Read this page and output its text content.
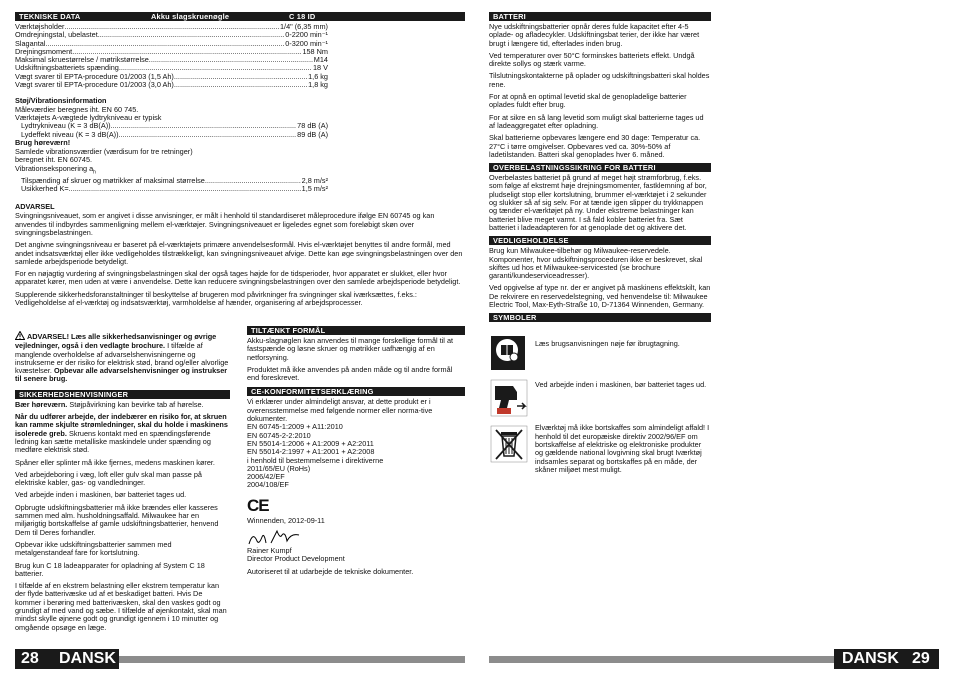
TEKNISKE DATA	Akku slagskruenøgle	C 18 ID
Værktøjsholder .....	1/4" (6,35 mm)
Omdrejningstal, ubelastet .....	0-2200 min⁻¹
Slagantal .....	0-3200 min⁻¹
Drejningsmoment .....	158 Nm
Maksimal skruestørrelse / møtrikstørrelse .....	M14
Udskiftningsbatteriets spænding .....	18 V
Vægt svarer til EPTA-procedure 01/2003 (1,5 Ah) .....	1,6 kg
Vægt svarer til EPTA-procedure 01/2003 (3,0 Ah) .....	1,8 kg
Støj/Vibrationsinformation
Måleværdier beregnes iht. EN 60 745.
Værktøjets A-vægtede lydtrykniveau er typisk
Lydtrykniveau (K = 3 dB(A)) .....	78 dB (A)
Lydeffekt niveau (K = 3 dB(A)) .....	89 dB (A)
Brug høreværn!
Samlede vibrationsværdier (værdisum for tre retninger)
beregnet iht. EN 60745.
Vibrationseksponering $a_h$
Tilspænding af skruer og møtrikker af maksimal størrelse .....	2,8 m/s²
Usikkerhed K= .....	1,5 m/s²
ADVARSEL
Svingningsniveauet, som er angivet i disse anvisninger, er målt i henhold til standardiseret måleprocedure ifølge EN 60745 og kan anvendes til indbyrdes sammenligning mellem el-værktøjer. Svingningsniveauet er ligeledes egnet som foreløbigt skøn over svingningsbelastningen.
Det angivne svingningsniveau er baseret på el-værktøjets primære anvendelsesformål. Hvis el-værktøjet benyttes til andre formål, med andet indsatsværktøj eller ikke vedligeholdes tilstrækkeligt, kan svingningsniveauet afvige. Dette kan øge svingningsbelastningen over den samlede arbejdsperiode betydeligt.
For en nøjagtig vurdering af svingningsbelastningen skal der også tages højde for de tidsperioder, hvor apparatet er slukket, eller hvor apparatet kører, men uden at være i anvendelse. Dette kan reducere svingningsbelastningen over den samlede arbejdsperiode betydeligt.
Supplerende sikkerhedsforanstaltninger til beskyttelse af brugeren mod påvirkninger fra svingninger skal iværksættes, f.eks.: Vedligeholdelse af el-værktøj og indsatsværktøj, varmholdelse af hænder, organisering af arbejdsprocesser.
ADVARSEL! Læs alle sikkerhedsanvisninger og øvrige vejledninger, også i den vedlagte brochure. I tilfælde af manglende overholdelse af advarselshenvisningerne og instrukserne er der risiko for elektrisk stød, brand og/eller alvorlige kvæstelser. Opbevar alle advarselshenvisninger og instrukser til senere brug.
SIKKERHEDSHENVISNINGER
Bær høreværn. Støjpåvirkning kan bevirke tab af hørelse.
Når du udfører arbejde, der indebærer en risiko for, at skruen kan ramme skjulte strømledninger, skal du holde i maskinens isolerede greb. Skruens kontakt med en spændingsførende ledning kan sætte metalliske maskindele under spænding og medføre elektrisk stød.
Spåner eller splinter må ikke fjernes, medens maskinen kører.
Ved arbejdeboring i væg, loft eller gulv skal man passe på elektriske kabler, gas- og vandledninger.
Ved arbejde inden i maskinen, bør batteriet tages ud.
Opbrugte udskiftningsbatterier må ikke brændes eller kasseres sammen med alm. husholdningsaffald. Milwaukee har en miljørigtig bortskaffelse af gamle udskiftningsbatterier, henvend Dem til Deres forhandler.
Opbevar ikke udskiftningsbatterier sammen med metalgenstandeaf fare for kortslutning.
Brug kun C 18 ladeapparater for opladning af System C 18 batterier.
I tilfælde af en ekstrem belastning eller ekstrem temperatur kan der flyde batterivæske ud af et beskadiget batteri. Hvis De kommer i berøring med batterivæsken, skal den vaskes godt og grundigt af med vand og sæbe. I tilfælde af øjenkontakt, skal man mindst skylle øjnene godt og grundigt igennem i 10 minutter og omgående opsøge en læge.
TILTÆNKT FORMÅL
Akku-slagnøglen kan anvendes til mange forskellige formål til at fastspænde og løsne skruer og møtrikker uafhængig af en netforsyning.
Produktet må ikke anvendes på anden måde og til andre formål end foreskrevet.
CE-KONFORMITETSERKLÆRING
Vi erklærer under almindeligt ansvar, at dette produkt er i overensstemmelse med følgende normer eller norma-tive dokumenter.
EN 60745-1:2009 + A11:2010
EN 60745-2-2:2010
EN 55014-1:2006 + A1:2009 + A2:2011
EN 55014-2:1997 + A1:2001 + A2:2008
i henhold til bestemmelserne i direktiverne
2011/65/EU (RoHs)
2006/42/EF
2004/108/EF
CE
Winnenden, 2012-09-11
Rainer Kumpf
Director Product Development
Autoriseret til at udarbejde de tekniske dokumenter.
28 DANSK
BATTERI
Nye udskiftningsbatterier opnår deres fulde kapacitet efter 4-5 oplade- og afladecykler. Udskiftningsbat terier, der ikke har været brugt i længere tid, efterlades inden brug.
Ved temperaturer over 50°C forminskes batteriets effekt. Undgå direkte sollys og stærk varme.
Tilslutningskontakterne på oplader og udskiftningsbatteri skal holdes rene.
For at opnå en optimal levetid skal de genopladelige batterier oplades fuldt efter brug.
For at sikre en så lang levetid som muligt skal batterierne tages ud af ladeaggregatet efter opladning.
Skal batterierne opbevares længere end 30 dage: Temperatur ca. 27°C i tørre omgivelser. Opbevares ved ca. 30%-50% af ladetilstanden. Batteri skal genoplades hver 6. måned.
OVERBELASTNINGSSIKRING FOR BATTERI
Overbelastes batteriet på grund af meget højt strømforbrug, f.eks. som følge af ekstremt høje drejningsmomenter, fastklemning af bor, pludseligt stop eller kortslutning, brummer el-værktøjet i 2 sekunder og slukker så af sig selv. For at tænde igen slipper du trykknappen og tænder el-værktøjet på ny. Under ekstreme belastninger kan batteriet blive meget varmt. I så fald kobler batteriet fra. Sæt batteriet i ladeadapteren for at genoplade det og aktivere det.
VEDLIGEHOLDELSE
Brug kun Milwaukee-tilbehør og Milwaukee-reservedele. Komponenter, hvor udskiftningsproceduren ikke er beskrevet, skal skiftes ud hos et Milwaukee-servicested (se brochure garanti/kundeserviceadresser).
Ved opgivelse af type nr. der er angivet på maskinens effektskilt, kan De rekvirere en reservedelstegning, ved henvendelse til: Milwaukee Electric Tool, Max-Eyth-Straße 10, D-71364 Winnenden, Germany.
SYMBOLER
Læs brugsanvisningen nøje før ibrugtagning.
Ved arbejde inden i maskinen, bør batteriet tages ud.
Elværktøj må ikke bortskaffes som almindeligt affald! I henhold til det europæiske direktiv 2002/96/EF om bortskaffelse af elektriske og elektroniske produkter og gældende national lovgivning skal brugt Iværktøj indsamles separat og bortskaffes på en måde, der skåner miljøet mest muligt.
DANSK 29
